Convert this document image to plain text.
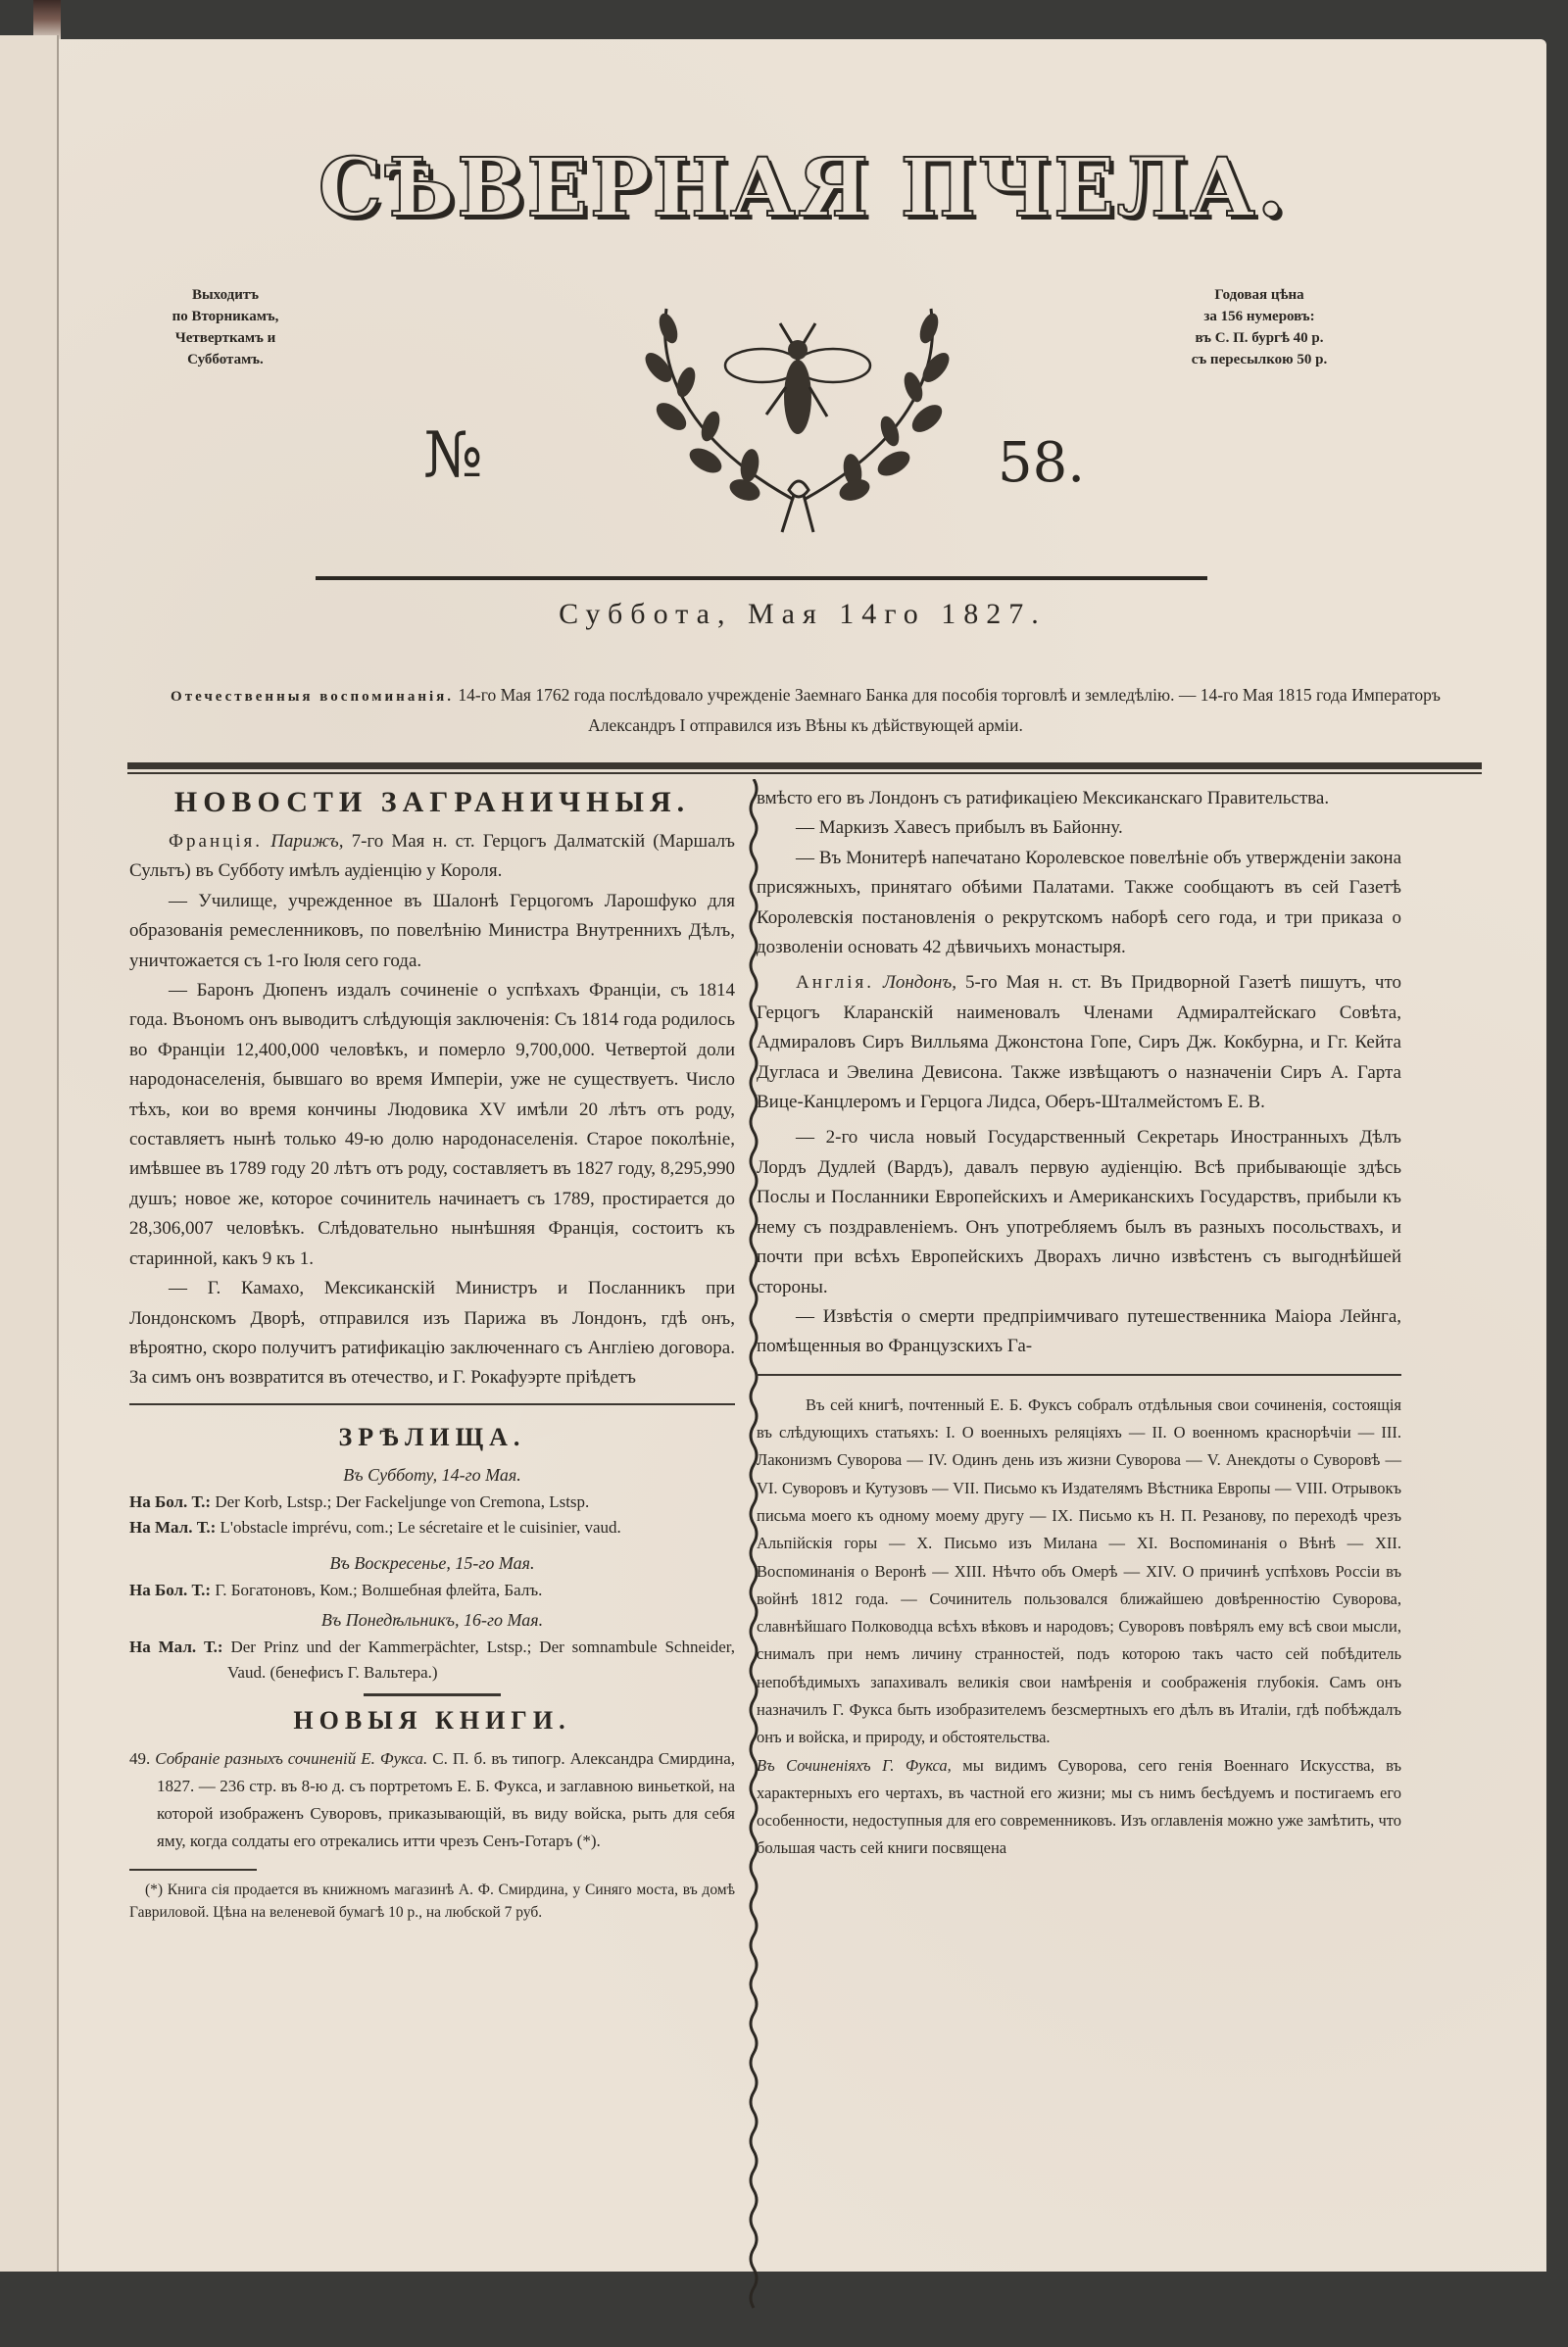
СѢВЕРНАЯ ПЧЕЛА.
Выходитъ
по Вторникамъ,
Четверткамъ и
Субботамъ.
Годовая цѣна
за 156 нумеровъ:
въ С. П. бургѣ 40 р.
съ пересылкою 50 р.
№	58.
Суббота, Мая 14го 1827.
Отечественныя воспоминанія. 14-го Мая 1762 года послѣдовало учрежденіе Заемнаго Банка для пособія торговлѣ и земледѣлію. — 14-го Мая 1815 года Императоръ Александръ I отправился изъ Вѣны къ дѣйствующей арміи.
НОВОСТИ ЗАГРАНИЧНЫЯ.

Франція. Парижъ, 7-го Мая н. ст. Герцогъ Далматскій (Маршалъ Сультъ) въ Субботу имѣлъ аудіенцію у Короля.

— Училище, учрежденное въ Шалонѣ Герцогомъ Ларошфуко для образованія ремесленниковъ, по повелѣнію Министра Внутреннихъ Дѣлъ, уничтожается съ 1-го Іюля сего года.

— Баронъ Дюпенъ издалъ сочиненіе о успѣхахъ Франціи, съ 1814 года. Въономъ онъ выводитъ слѣдующія заключенія: Съ 1814 года родилось во Франціи 12,400,000 человѣкъ, и померло 9,700,000. Четвертой доли народонаселенія, бывшаго во время Имперіи, уже не существуетъ. Число тѣхъ, кои во время кончины Людовика XV имѣли 20 лѣтъ отъ роду, составляетъ нынѣ только 49-ю долю народонаселенія. Старое поколѣніе, имѣвшее въ 1789 году 20 лѣтъ отъ роду, составляетъ въ 1827 году, 8,295,990 душъ; новое же, которое сочинитель начинаетъ съ 1789, простирается до 28,306,007 человѣкъ. Слѣдовательно нынѣшняя Франція, состоитъ къ старинной, какъ 9 къ 1.

— Г. Камахо, Мексиканскій Министръ и Посланникъ при Лондонскомъ Дворѣ, отправился изъ Парижа въ Лондонъ, гдѣ онъ, вѣроятно, скоро получитъ ратификацію заключеннаго съ Англіею договора. За симъ онъ возвратится въ отечество, и Г. Рокафуэрте пріѣдетъ

ЗРѢЛИЩА.
Въ Субботу, 14-го Мая.

На Бол. Т.: Der Korb, Lstsp.; Der Fackeljunge von Cremona, Lstsp.

На Мал. Т.: L'obstacle imprévu, com.; Le sécretaire et le cuisinier, vaud.

Въ Воскресенье, 15-го Мая.

На Бол. Т.: Г. Богатоновъ, Ком.; Волшебная флейта, Балъ.

Въ Понедѣльникъ, 16-го Мая.

На Мал. Т.: Der Prinz und der Kammerpächter, Lstsp.; Der somnambule Schneider, Vaud. (бенефисъ Г. Вальтера.)

НОВЫЯ КНИГИ.

49. Собраніе разныхъ сочиненій Е. Фукса. С. П. б. въ типогр. Александра Смирдина, 1827. — 236 стр. въ 8-ю д. съ портретомъ Е. Б. Фукса, и заглавною виньеткой, на которой изображенъ Суворовъ, приказывающій, въ виду войска, рыть для себя яму, когда солдаты его отрекались итти чрезъ Сенъ-Готаръ (*).

(*) Книга сія продается въ книжномъ магазинѣ А. Ф. Смирдина, у Синяго моста, въ домѣ Гавриловой. Цѣна на веленевой бумагѣ 10 р., на любской 7 руб.

вмѣсто его въ Лондонъ съ ратификаціею Мексиканскаго Правительства.

— Маркизъ Хавесъ прибылъ въ Байонну.

— Въ Монитерѣ напечатано Королевское повелѣніе объ утвержденіи закона присяжныхъ, принятаго обѣими Палатами. Также сообщаютъ въ сей Газетѣ Королевскія постановленія о рекрутскомъ наборѣ сего года, и три приказа о дозволеніи основать 42 дѣвичьихъ монастыря.

Англія. Лондонъ, 5-го Мая н. ст. Въ Придворной Газетѣ пишутъ, что Герцогъ Кларанскій наименовалъ Членами Адмиралтейскаго Совѣта, Адмираловъ Сиръ Вилльяма Джонстона Гопе, Сиръ Дж. Кокбурна, и Гг. Кейта Дугласа и Эвелина Девисона. Также извѣщаютъ о назначеніи Сиръ А. Гарта Вице-Канцлеромъ и Герцога Лидса, Оберъ-Шталмейстомъ Е. В.

— 2-го числа новый Государственный Секретарь Иностранныхъ Дѣлъ Лордъ Дудлей (Вардъ), давалъ первую аудіенцію. Всѣ прибывающіе здѣсь Послы и Посланники Европейскихъ и Американскихъ Государствъ, прибыли къ нему съ поздравленіемъ. Онъ употребляемъ былъ въ разныхъ посольствахъ, и почти при всѣхъ Европейскихъ Дворахъ лично извѣстенъ съ выгоднѣйшей стороны.

— Извѣстія о смерти предпріимчиваго путешественника Маіора Лейнга, помѣщенныя во Французскихъ Га-

Въ сей книгѣ, почтенный Е. Б. Фуксъ собралъ отдѣльныя свои сочиненія, состоящія въ слѣдующихъ статьяхъ: I. О военныхъ реляціяхъ — II. О военномъ краснорѣчіи — III. Лаконизмъ Суворова — IV. Одинъ день изъ жизни Суворова — V. Анекдоты о Суворовѣ — VI. Суворовъ и Кутузовъ — VII. Письмо къ Издателямъ Вѣстника Европы — VIII. Отрывокъ письма моего къ одному моему другу — IX. Письмо къ Н. П. Резанову, по переходѣ чрезъ Альпійскія горы — X. Письмо изъ Милана — XI. Воспоминанія о Вѣнѣ — XII. Воспоминанія о Веронѣ — XIII. Нѣчто объ Омерѣ — XIV. О причинѣ успѣховъ Россіи въ войнѣ 1812 года. — Сочинитель пользовался ближайшею довѣренностію Суворова, славнѣйшаго Полководца всѣхъ вѣковъ и народовъ; Суворовъ повѣрялъ ему всѣ свои мысли, снималъ при немъ личину странностей, подъ которою такъ часто сей побѣдитель непобѣдимыхъ запахивалъ великія свои намѣренія и соображенія глубокія. Самъ онъ назначилъ Г. Фукса быть изобразителемъ безсмертныхъ его дѣлъ въ Италіи, гдѣ побѣждалъ онъ и войска, и природу, и обстоятельства.

Въ Сочиненіяхъ Г. Фукса, мы видимъ Суворова, сего генія Военнаго Искусства, въ характерныхъ его чертахъ, въ частной его жизни; мы съ нимъ бесѣдуемъ и постигаемъ его особенности, недоступныя для его современниковъ. Изъ оглавленія можно уже замѣтить, что большая часть сей книги посвящена
